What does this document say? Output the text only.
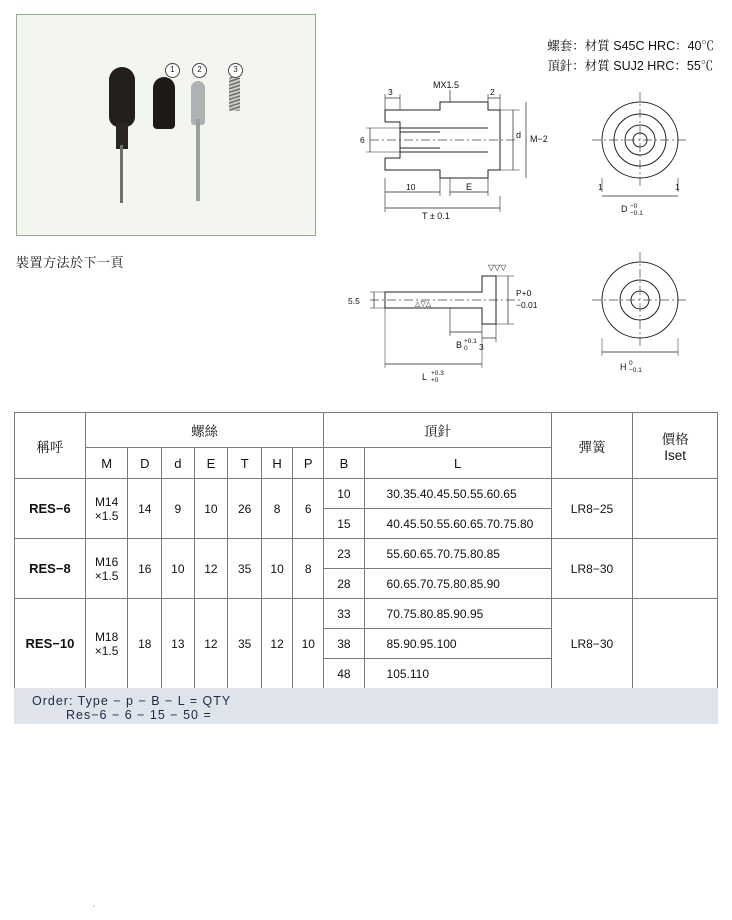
1	2	3
裝置方法於下一頁
螺套：材質 S45C HRC：40℃
頂針：材質 SUJ2 HRC：55℃
MX1.5
3	2
6
10	E
T ± 0.1
d M−2
1	1
D −0
−0.1
▽▽▽
△▽△
5.5
P+0
−0.01
3
B +0.1
0
L +0.3
+0
H 0
−0.1
稱呼	螺絲							頂針		彈簧	價格
Iset

	M	D	d	E	T	H	P	B	L		
RES−6	M14
×1.5	14	9	10	26	8	6	10	30.35.40.45.50.55.60.65	LR8−25	
								15	40.45.50.55.60.65.70.75.80		
RES−8	M16
×1.5	16	10	12	35	10	8	23	55.60.65.70.75.80.85	LR8−30	
								28	60.65.70.75.80.85.90		
RES−10	M18
×1.5	18	13	12	35	12	10	33	70.75.80.85.90.95	LR8−30	
								38	85.90.95.100		
								48	105.110		
Order: Type − p − B − L = QTY
Res−6 − 6 − 15 − 50 =
.
